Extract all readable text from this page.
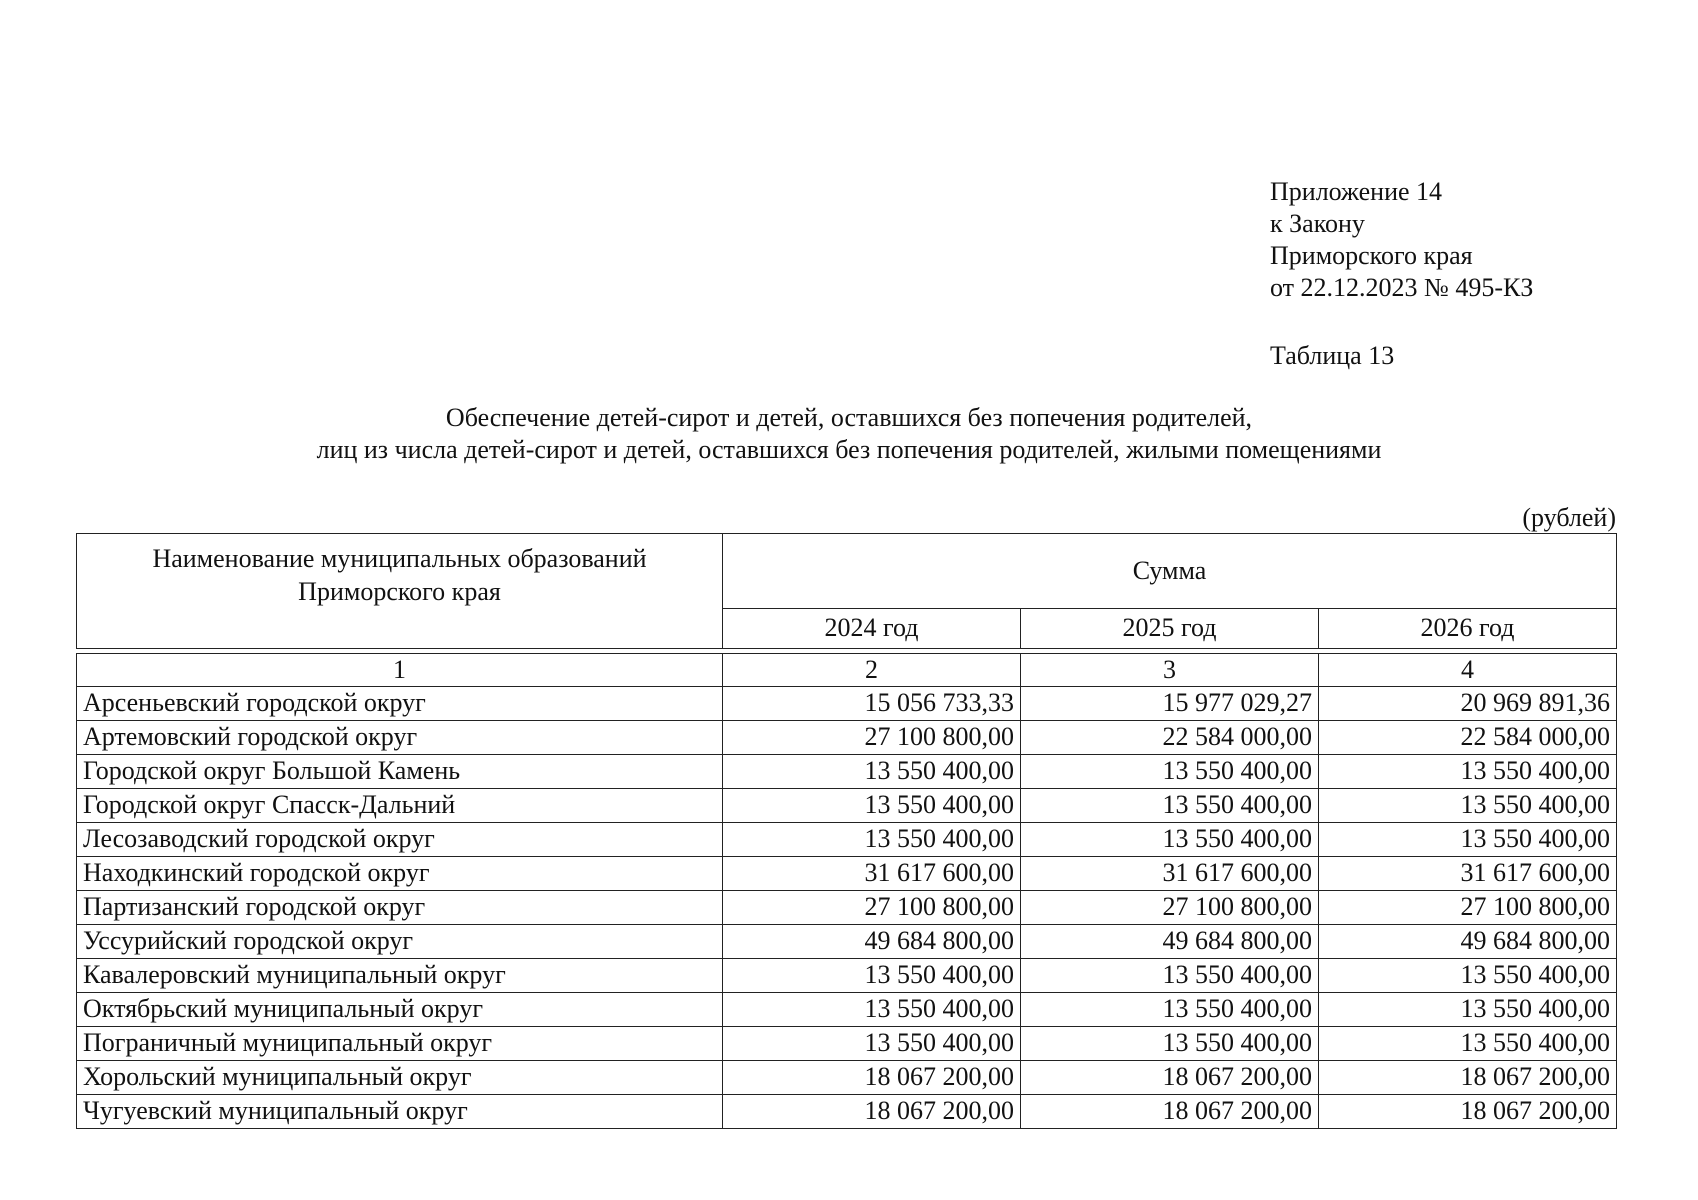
Приложение 14
к Закону
Приморского края
от 22.12.2023 № 495-КЗ
Таблица 13
Обеспечение детей-сирот и детей, оставшихся без попечения родителей,
лиц из числа детей-сирот и детей, оставшихся без попечения родителей, жилыми помещениями
(рублей)
Наименование муниципальных образований Приморского края	Сумма		
	2024 год	2025 год	2026 год

1	2	3	4
Арсеньевский городской округ	15 056 733,33	15 977 029,27	20 969 891,36
Артемовский городской округ	27 100 800,00	22 584 000,00	22 584 000,00
Городской округ Большой Камень	13 550 400,00	13 550 400,00	13 550 400,00
Городской округ Спасск-Дальний	13 550 400,00	13 550 400,00	13 550 400,00
Лесозаводский городской округ	13 550 400,00	13 550 400,00	13 550 400,00
Находкинский городской округ	31 617 600,00	31 617 600,00	31 617 600,00
Партизанский городской округ	27 100 800,00	27 100 800,00	27 100 800,00
Уссурийский городской округ	49 684 800,00	49 684 800,00	49 684 800,00
Кавалеровский муниципальный округ	13 550 400,00	13 550 400,00	13 550 400,00
Октябрьский муниципальный округ	13 550 400,00	13 550 400,00	13 550 400,00
Пограничный муниципальный округ	13 550 400,00	13 550 400,00	13 550 400,00
Хорольский муниципальный округ	18 067 200,00	18 067 200,00	18 067 200,00
Чугуевский муниципальный округ	18 067 200,00	18 067 200,00	18 067 200,00
